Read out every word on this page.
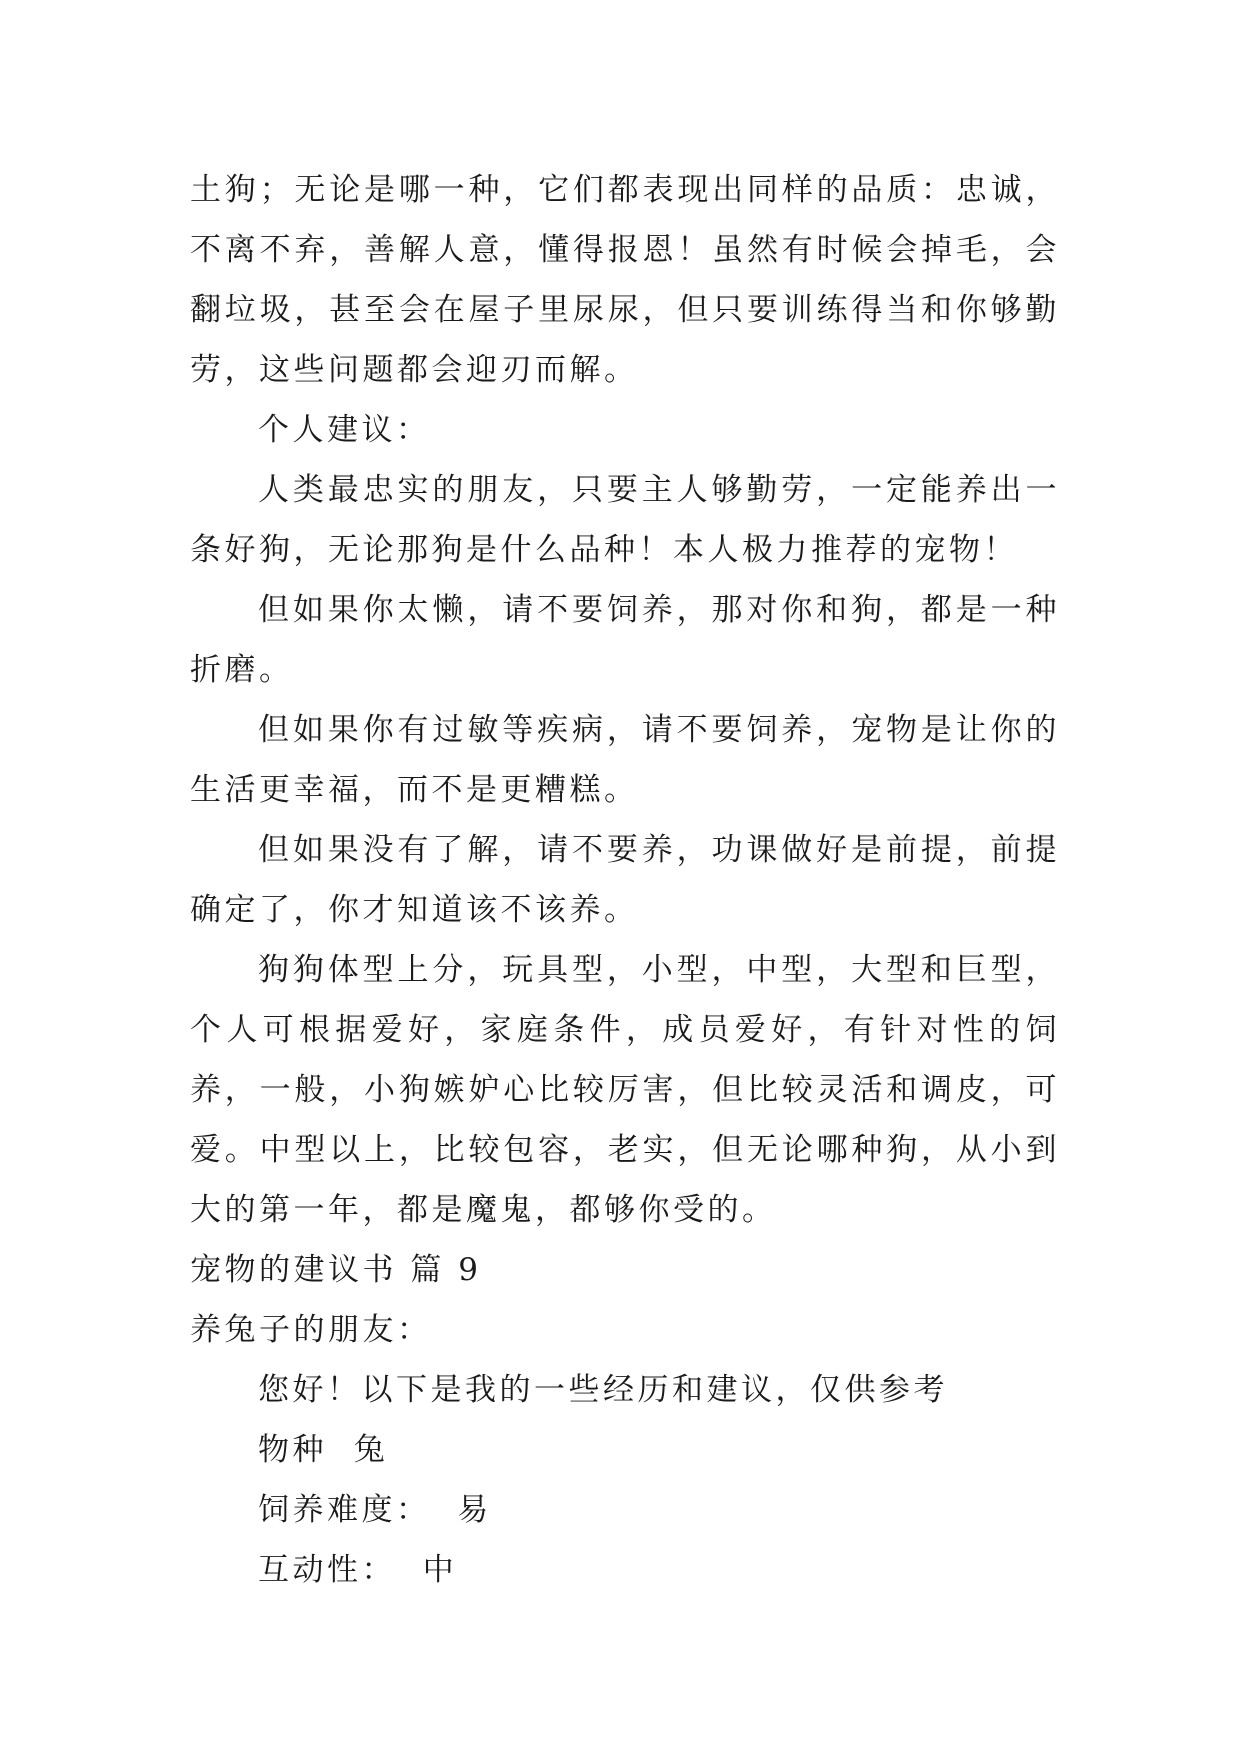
土狗；无论是哪一种，它们都表现出同样的品质：忠诚，不离不弃，善解人意，懂得报恩！虽然有时候会掉毛，会翻垃圾，甚至会在屋子里尿尿，但只要训练得当和你够勤劳，这些问题都会迎刃而解。

个人建议：

人类最忠实的朋友，只要主人够勤劳，一定能养出一条好狗，无论那狗是什么品种！本人极力推荐的宠物！

但如果你太懒，请不要饲养，那对你和狗，都是一种折磨。

但如果你有过敏等疾病，请不要饲养，宠物是让你的生活更幸福，而不是更糟糕。

但如果没有了解，请不要养，功课做好是前提，前提确定了，你才知道该不该养。

狗狗体型上分，玩具型，小型，中型，大型和巨型，个人可根据爱好，家庭条件，成员爱好，有针对性的饲养，一般，小狗嫉妒心比较厉害，但比较灵活和调皮，可爱。中型以上，比较包容，老实，但无论哪种狗，从小到大的第一年，都是魔鬼，都够你受的。

宠物的建议书 篇 9

养兔子的朋友：

您好！以下是我的一些经历和建议，仅供参考

物种  兔

饲养难度：  易

互动性：  中
